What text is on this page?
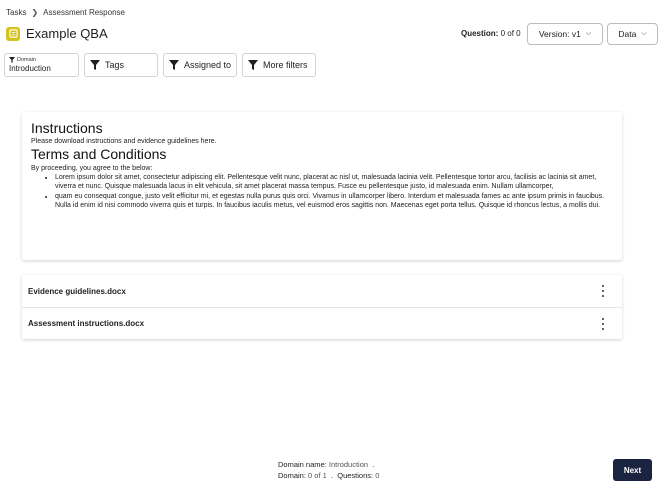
Tasks ❯ Assessment Response
Example QBA	Question: 0 of 0 Version: v1 ⌵	Data ⌵
Domain
Introduction	Tags	Assigned to	More filters
Instructions

Please download instructions and evidence guidelines here.

Terms and Conditions

By proceeding, you agree to the below:

• Lorem ipsum dolor sit amet, consectetur adipiscing elit. Pellentesque velit nunc, placerat ac nisl ut, malesuada lacinia velit. Pellentesque tortor arcu, facilisis ac lacinia sit amet, viverra et nunc. Quisque malesuada lacus in elit vehicula, sit amet placerat massa tempus. Fusce eu pellentesque justo, id malesuada enim. Nullam ullamcorper,
• quam eu consequat congue, justo velit efficitur mi, et egestas nulla purus quis orci. Vivamus in ullamcorper libero. Interdum et malesuada fames ac ante ipsum primis in faucibus. Nulla id enim id nisi commodo viverra quis et turpis. In faucibus iaculis metus, vel euismod eros sagittis non. Maecenas eget porta tellus. Quisque id rhoncus lectus, a mollis dui.
Evidence guidelines.docx
Assessment instructions.docx
Domain name: Introduction  .
Domain: 0 of 1  .  Questions: 0
Next
